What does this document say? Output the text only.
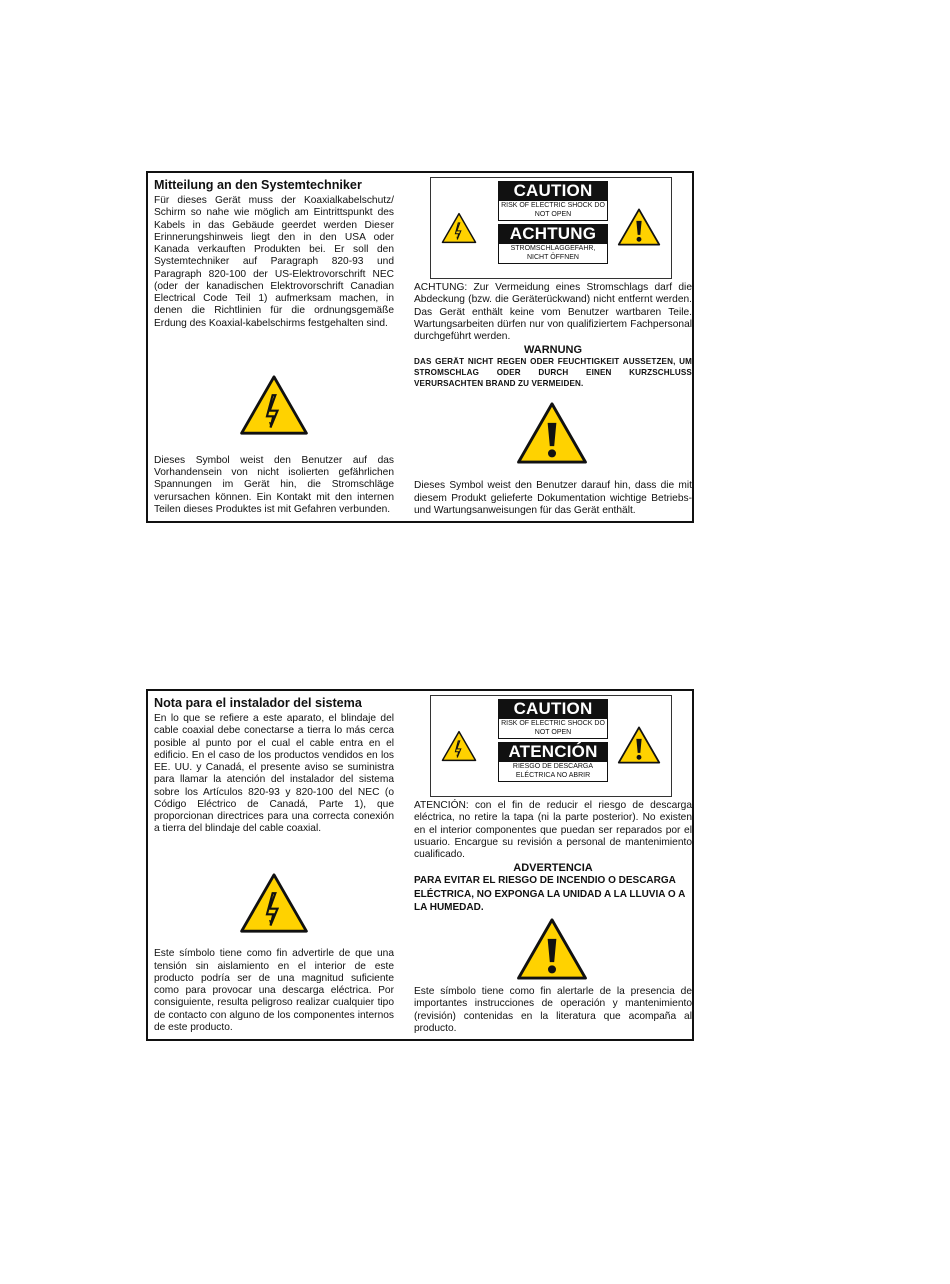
Mitteilung an den Systemtechniker

Für dieses Gerät muss der Koaxialkabelschutz/ Schirm so nahe wie möglich am Eintrittspunkt des Kabels in das Gebäude geerdet werden Dieser Erinnerungshinweis liegt den in den USA oder Kanada verkauften Produkten bei. Er soll den Systemtechniker auf Paragraph 820-93 und Paragraph 820-100 der US-Elektrovorschrift NEC (oder der kanadischen Elektrovorschrift Canadian Electrical Code Teil 1) aufmerksam machen, in denen die Richtlinien für die ordnungsgemäße Erdung des Koaxial-kabelschirms festgehalten sind.

Dieses Symbol weist den Benutzer auf das Vorhandensein von nicht isolierten gefährlichen Spannungen im Gerät hin, die Stromschläge verursachen können. Ein Kontakt mit den internen Teilen dieses Produktes ist mit Gefahren verbunden.

CAUTION
RISK OF ELECTRIC SHOCK DO NOT OPEN
ACHTUNG
STROMSCHLAGGEFAHR, NICHT ÖFFNEN

ACHTUNG: Zur Vermeidung eines Stromschlags darf die Abdeckung (bzw. die Geräterückwand) nicht entfernt werden. Das Gerät enthält keine vom Benutzer wartbaren Teile. Wartungsarbeiten dürfen nur von qualifiziertem Fachpersonal durchgeführt werden.

WARNUNG

DAS GERÄT NICHT REGEN ODER FEUCHTIGKEIT AUSSETZEN, UM STROMSCHLAG ODER DURCH EINEN KURZSCHLUSS VERURSACHTEN BRAND ZU VERMEIDEN.

Dieses Symbol weist den Benutzer darauf hin, dass die mit diesem Produkt gelieferte Dokumentation wichtige Betriebs- und Wartungsanweisungen für das Gerät enthält.

Nota para el instalador del sistema

En lo que se refiere a este aparato, el blindaje del cable coaxial debe conectarse a tierra lo más cerca posible al punto por el cual el cable entra en el edificio. En el caso de los productos vendidos en los EE. UU. y Canadá, el presente aviso se suministra para llamar la atención del instalador del sistema sobre los Artículos 820-93 y 820-100 del NEC (o Código Eléctrico de Canadá, Parte 1), que proporcionan directrices para una correcta conexión a tierra del blindaje del cable coaxial.

Este símbolo tiene como fin advertirle de que una tensión sin aislamiento en el interior de este producto podría ser de una magnitud suficiente como para provocar una descarga eléctrica. Por consiguiente, resulta peligroso realizar cualquier tipo de contacto con alguno de los componentes internos de este producto.

CAUTION
RISK OF ELECTRIC SHOCK DO NOT OPEN
ATENCIÓN
RIESGO DE DESCARGA ELÉCTRICA NO ABRIR

ATENCIÓN: con el fin de reducir el riesgo de descarga eléctrica, no retire la tapa (ni la parte posterior). No existen en el interior componentes que puedan ser reparados por el usuario. Encargue su revisión a personal de mantenimiento cualificado.

ADVERTENCIA

PARA EVITAR EL RIESGO DE INCENDIO O DESCARGA ELÉCTRICA, NO EXPONGA LA UNIDAD A LA LLUVIA O A LA HUMEDAD.

Este símbolo tiene como fin alertarle de la presencia de importantes instrucciones de operación y mantenimiento (revisión) contenidas en la literatura que acompaña al producto.
